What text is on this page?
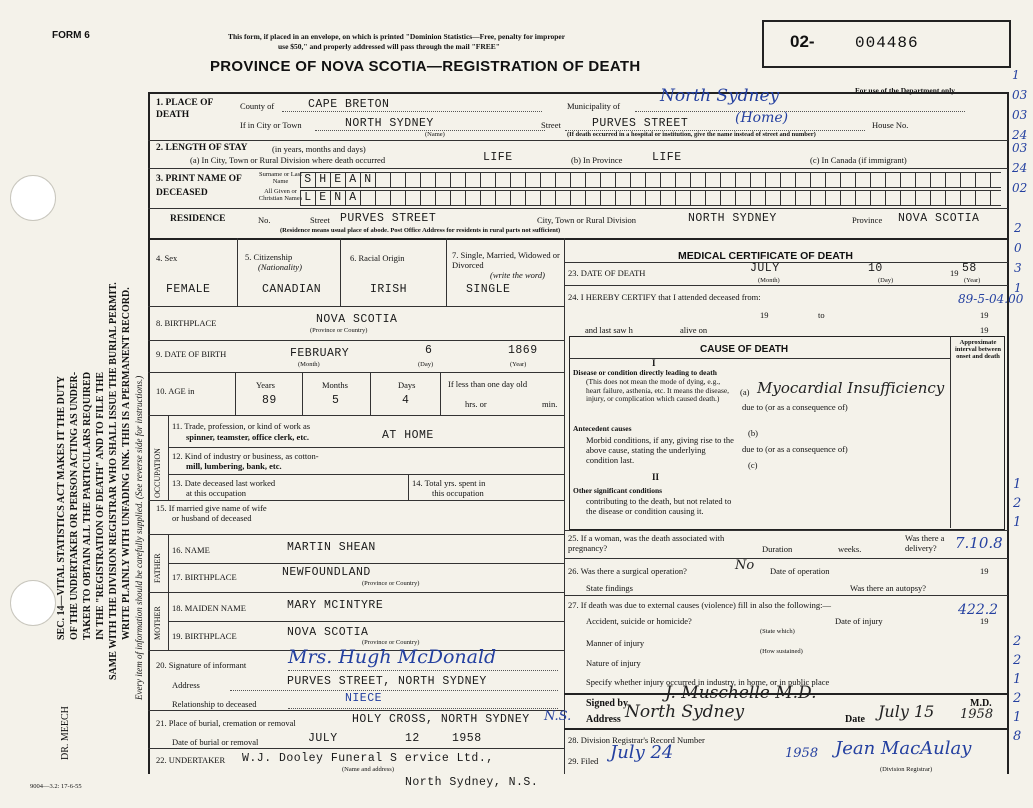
FORM 6	This form, if placed in an envelope, on which is printed "Dominion Statistics—Free, penalty for improper
use $50," and properly addressed will pass through the mail "FREE"
PROVINCE OF NOVA SCOTIA—REGISTRATION OF DEATH
02-	004486
For use of the Department only
SEC. 14—VITAL STATISTICS ACT MAKES IT THE DUTY OF THE UNDERTAKER OR PERSON ACTING AS UNDER- TAKER TO OBTAIN ALL THE PARTICULARS REQUIRED IN THE "REGISTRATION OF DEATH" AND TO FILE THE SAME WITH THE DIVISION REGISTRAR WHO SHALL ISSUE THE BURIAL PERMIT. WRITE PLAINLY WITH UNFADING INK. THIS IS A PERMANENT RECORD. Every item of information should be carefully supplied. (See reverse side for instructions.)
DR. MEECH
9004—3.2: 17-6-55
1. PLACE OF DEATH
County of	CAPE BRETON	Municipality of North Sydney
If in City or Town	NORTH SYDNEY
(Name)
Street	PURVES STREET	(Home)	House No.
(If death occurred in a hospital or institution, give the name instead of street and number)
2. LENGTH OF STAY	(in years, months and days)
(a) In City, Town or Rural Division where death occurred	LIFE	(b) In Province	LIFE	(c) In Canada (if immigrant)
3. PRINT NAME OF DECEASED
Surname or Last Name
All Given or Christian Names
S H E A N
L E N A
RESIDENCE	No.	Street PURVES STREET	City, Town or Rural Division	NORTH SYDNEY	Province NOVA SCOTIA
(Residence means usual place of abode. Post Office Address for residents in rural parts not sufficient)
4. Sex
FEMALE
5. Citizenship
(Nationality)
CANADIAN
6. Racial Origin
IRISH
7. Single, Married, Widowed or Divorced
(write the word)
SINGLE
8. BIRTHPLACE	NOVA SCOTIA
(Province or Country)
9. DATE OF BIRTH	FEBRUARY	6	1869
(Month)	(Day)	(Year)
10. AGE in
Years	Months	Days
89	5	4
If less than one day old
hrs. or	min.
OCCUPATION
11. Trade, profession, or kind of work as
spinner, teamster, office clerk, etc.	AT HOME
12. Kind of industry or business, as cotton-
mill, lumbering, bank, etc.
13. Date deceased last worked
at this occupation
14. Total yrs. spent in
this occupation
15. If married give name of wife
or husband of deceased
FATHER
MOTHER
16. NAME	MARTIN SHEAN
17. BIRTHPLACE	NEWFOUNDLAND
(Province or Country)
18. MAIDEN NAME	MARY MCINTYRE
19. BIRTHPLACE	NOVA SCOTIA
(Province or Country)
20. Signature of informant Mrs. Hugh McDonald
Address	PURVES STREET, NORTH SYDNEY
Relationship to deceased	NIECE
21. Place of burial, cremation or removal	HOLY CROSS, NORTH SYDNEY N.S.
Date of burial or removal	JULY	12	1958
22. UNDERTAKER W.J. Dooley Funeral S ervice Ltd.,
(Name and address)
North Sydney, N.S.
MEDICAL CERTIFICATE OF DEATH
23. DATE OF DEATH	JULY	10	19 58
(Month)	(Day)	(Year)
24. I HEREBY CERTIFY that I attended deceased from:
19	to	19
and last saw h	alive on	19
CAUSE OF DEATH
Approximate interval between onset and death
I
Disease or condition directly leading to death
(This does not mean the mode of dying, e.g., heart failure, asthenia, etc. It means the disease, injury, or complication which caused death.)
(a) Myocardial Insufficiency
due to (or as a consequence of)
Antecedent causes
Morbid conditions, if any, giving rise to the above cause, stating the underlying condition last.
(b)
due to (or as a consequence of)
(c)
II
Other significant conditions
contributing to the death, but not related to the disease or condition causing it.
25. If a woman, was the death associated with pregnancy?	Duration	weeks.
Was there a delivery?
26. Was there a surgical operation?	No Date of operation	19
State findings	Was there an autopsy?
27. If death was due to external causes (violence) fill in also the following:—
Accident, suicide or homicide?
(State which)
Date of injury	19
Manner of injury
(How sustained)
Nature of injury
Specify whether injury occurred in industry, in home, or in public place
Signed by
J. Muschelle M.D.
M.D.
Address North Sydney	Date July 15 1958
28. Division Registrar's Record Number
29. Filed July 24	1958 Jean MacAulay
(Division Registrar)
1
03
03
24
03
24
02
2
0
3
1
89-5-04.00
1
2
1
7.10.8
422.2
2
2
1
2
1
8
